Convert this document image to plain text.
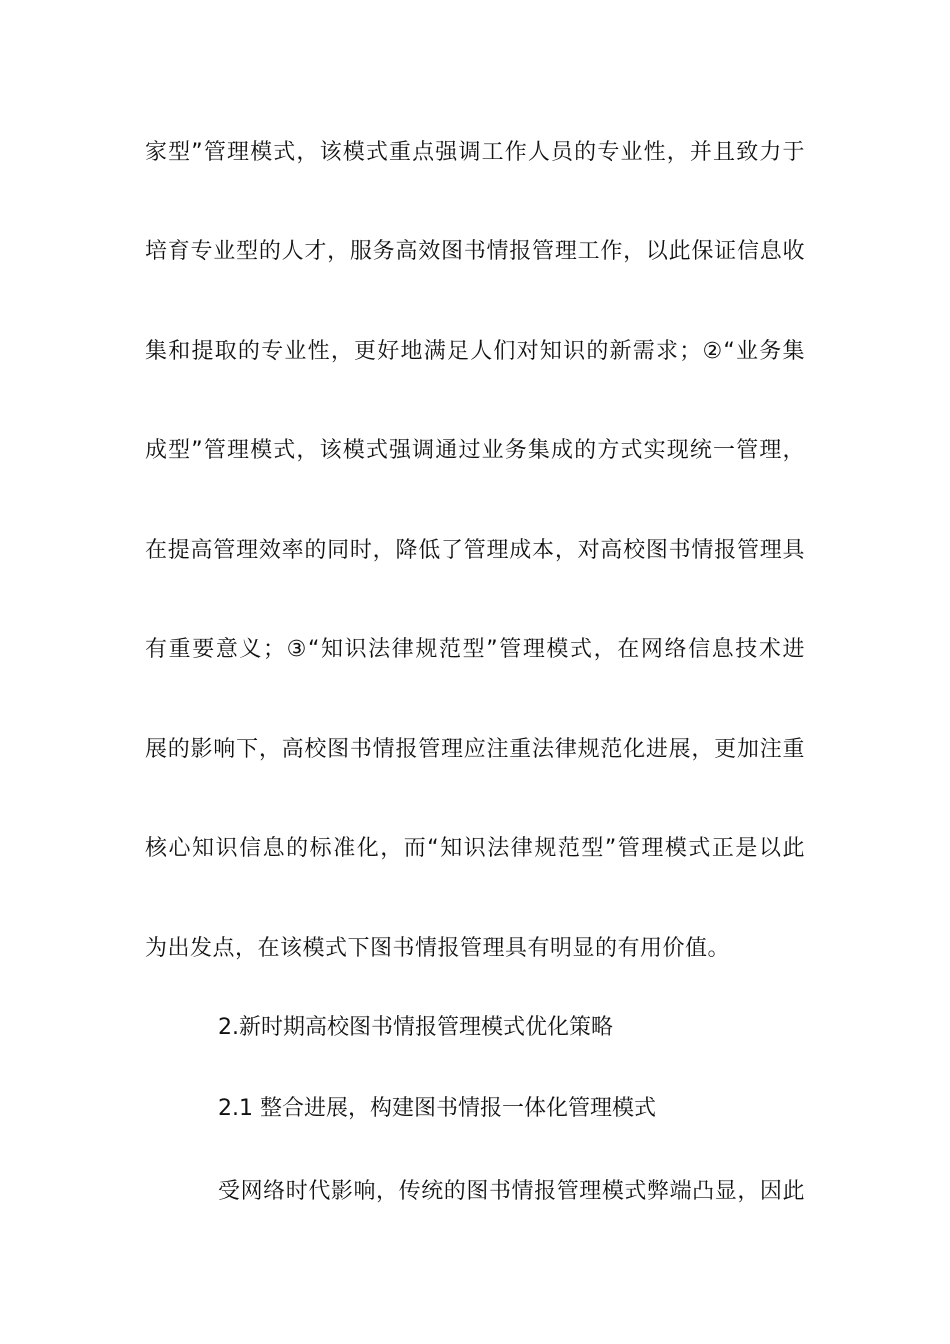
家型”管理模式，该模式重点强调工作人员的专业性，并且致力于
培育专业型的人才，服务高效图书情报管理工作，以此保证信息收
集和提取的专业性，更好地满足人们对知识的新需求；②“业务集
成型”管理模式，该模式强调通过业务集成的方式实现统一管理，
在提高管理效率的同时，降低了管理成本，对高校图书情报管理具
有重要意义；③“知识法律规范型”管理模式，在网络信息技术进
展的影响下，高校图书情报管理应注重法律规范化进展，更加注重
核心知识信息的标准化，而“知识法律规范型”管理模式正是以此
为出发点，在该模式下图书情报管理具有明显的有用价值。
2.新时期高校图书情报管理模式优化策略
2.1 整合进展，构建图书情报一体化管理模式
受网络时代影响，传统的图书情报管理模式弊端凸显，因此
